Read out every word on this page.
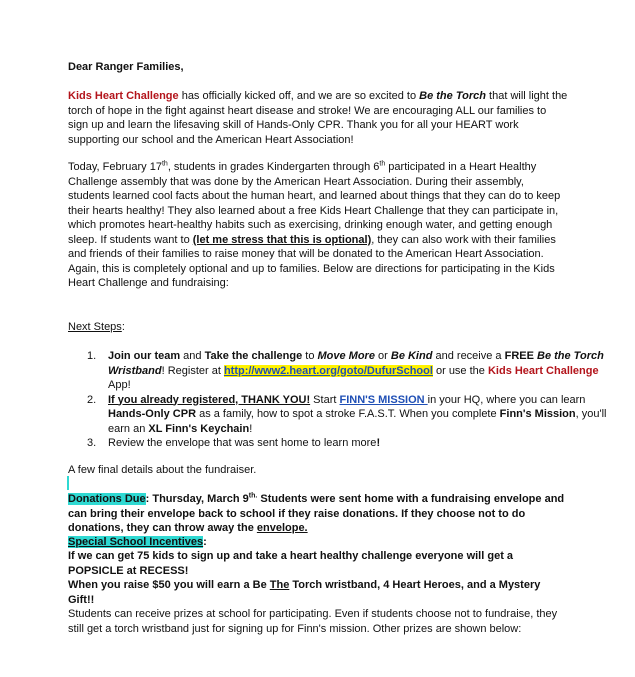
Dear Ranger Families,

Kids Heart Challenge has officially kicked off, and we are so excited to Be the Torch that will light the torch of hope in the fight against heart disease and stroke! We are encouraging ALL our families to sign up and learn the lifesaving skill of Hands-Only CPR. Thank you for all your HEART work supporting our school and the American Heart Association!

Today, February 17th, students in grades Kindergarten through 6th participated in a Heart Healthy Challenge assembly that was done by the American Heart Association. During their assembly, students learned cool facts about the human heart, and learned about things that they can do to keep their hearts healthy! They also learned about a free Kids Heart Challenge that they can participate in, which promotes heart-healthy habits such as exercising, drinking enough water, and getting enough sleep. If students want to (let me stress that this is optional), they can also work with their families and friends of their families to raise money that will be donated to the American Heart Association. Again, this is completely optional and up to families. Below are directions for participating in the Kids Heart Challenge and fundraising:

Next Steps:

1. Join our team and Take the challenge to Move More or Be Kind and receive a FREE Be the Torch Wristband! Register at http://www2.heart.org/goto/DufurSchool or use the Kids Heart Challenge App!
2. If you already registered, THANK YOU! Start FINN'S MISSION in your HQ, where you can learn Hands-Only CPR as a family, how to spot a stroke F.A.S.T. When you complete Finn's Mission, you'll earn an XL Finn's Keychain!
3. Review the envelope that was sent home to learn more!

A few final details about the fundraiser.

Donations Due: Thursday, March $9^{th.}$ Students were sent home with a fundraising envelope and can bring their envelope back to school if they raise donations. If they choose not to do donations, they can throw away the envelope.

Special School Incentives:

If we can get 75 kids to sign up and take a heart healthy challenge everyone will get a POPSICLE at RECESS!

When you raise $50 you will earn a Be The Torch wristband, 4 Heart Heroes, and a Mystery Gift!!

Students can receive prizes at school for participating. Even if students choose not to fundraise, they still get a torch wristband just for signing up for Finn's mission. Other prizes are shown below:
